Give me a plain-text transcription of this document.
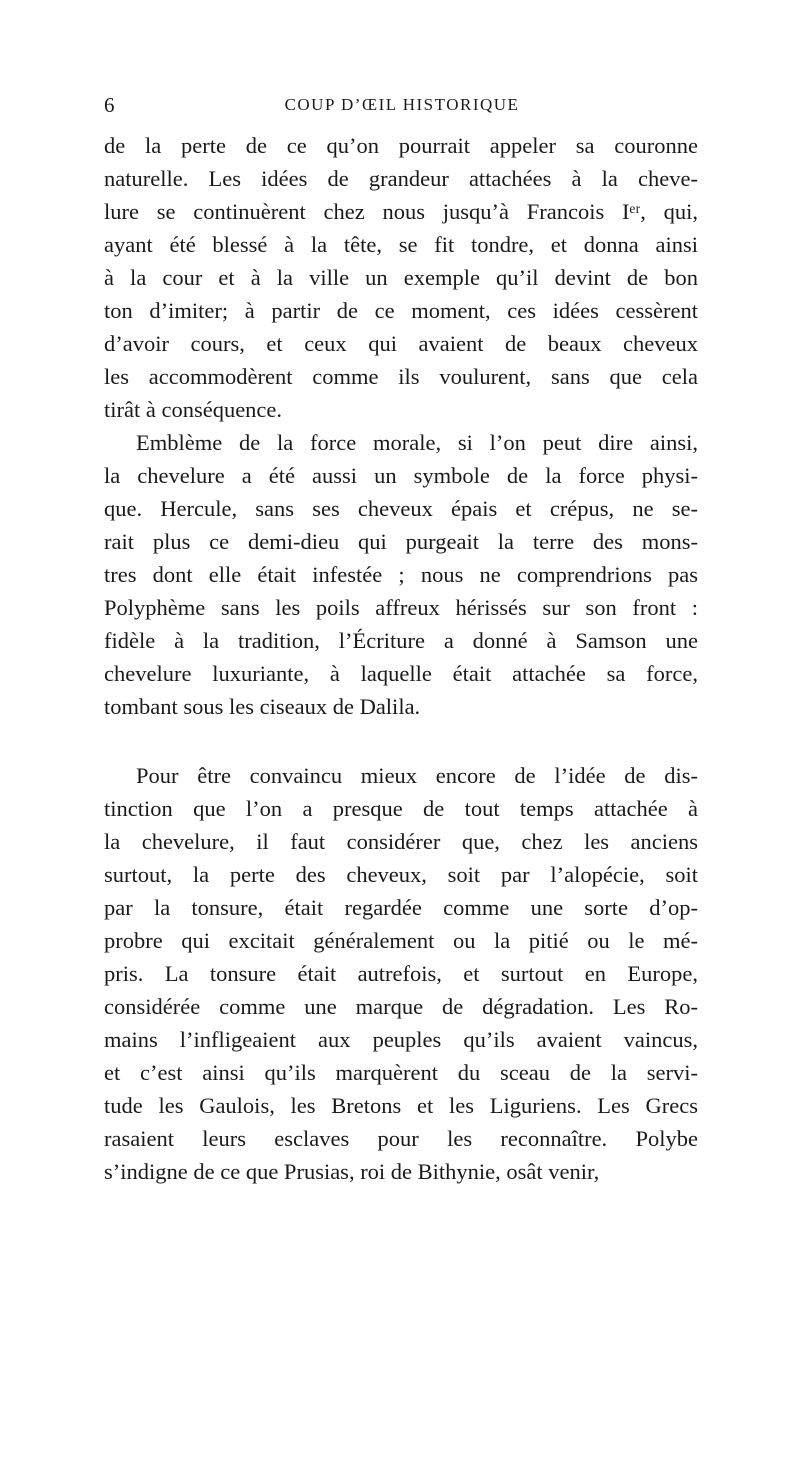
6	COUP D’ŒIL HISTORIQUE
de la perte de ce qu’on pourrait appeler sa couronne
naturelle. Les idées de grandeur attachées à la cheve-
lure se continuèrent chez nous jusqu’à Francois Iᵉʳ, qui,
ayant été blessé à la tête, se fit tondre, et donna ainsi
à la cour et à la ville un exemple qu’il devint de bon
ton d’imiter; à partir de ce moment, ces idées cessèrent
d’avoir cours, et ceux qui avaient de beaux cheveux
les accommodèrent comme ils voulurent, sans que cela
tirât à conséquence.
Emblème de la force morale, si l’on peut dire ainsi,
la chevelure a été aussi un symbole de la force physi-
que. Hercule, sans ses cheveux épais et crépus, ne se-
rait plus ce demi-dieu qui purgeait la terre des mons-
tres dont elle était infestée ; nous ne comprendrions pas
Polyphème sans les poils affreux hérissés sur son front :
fidèle à la tradition, l’Écriture a donné à Samson une
chevelure luxuriante, à laquelle était attachée sa force,
tombant sous les ciseaux de Dalila.
Pour être convaincu mieux encore de l’idée de dis-
tinction que l’on a presque de tout temps attachée à
la chevelure, il faut considérer que, chez les anciens
surtout, la perte des cheveux, soit par l’alopécie, soit
par la tonsure, était regardée comme une sorte d’op-
probre qui excitait généralement ou la pitié ou le mé-
pris. La tonsure était autrefois, et surtout en Europe,
considérée comme une marque de dégradation. Les Ro-
mains l’infligeaient aux peuples qu’ils avaient vaincus,
et c’est ainsi qu’ils marquèrent du sceau de la servi-
tude les Gaulois, les Bretons et les Liguriens. Les Grecs
rasaient leurs esclaves pour les reconnaître. Polybe
s’indigne de ce que Prusias, roi de Bithynie, osât venir,
